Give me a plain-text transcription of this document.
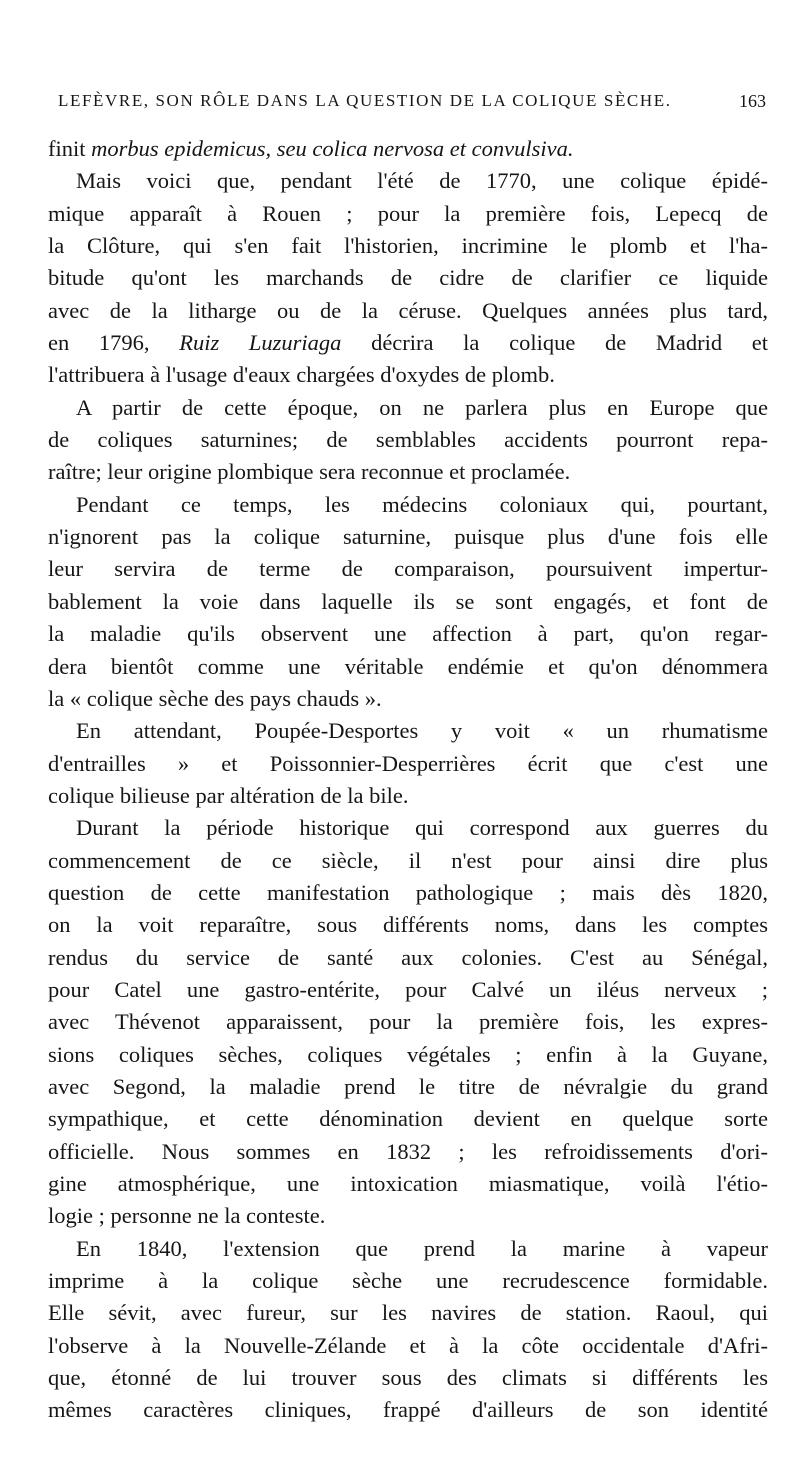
LEFÈVRE, SON RÔLE DANS LA QUESTION DE LA COLIQUE SÈCHE.	163
finit morbus epidemicus, seu colica nervosa et convulsiva.
Mais voici que, pendant l'été de 1770, une colique épidé-
mique apparaît à Rouen ; pour la première fois, Lepecq de
la Clôture, qui s'en fait l'historien, incrimine le plomb et l'ha-
bitude qu'ont les marchands de cidre de clarifier ce liquide
avec de la litharge ou de la céruse. Quelques années plus tard,
en 1796, Ruiz Luzuriaga décrira la colique de Madrid et
l'attribuera à l'usage d'eaux chargées d'oxydes de plomb.
A partir de cette époque, on ne parlera plus en Europe que
de coliques saturnines; de semblables accidents pourront repa-
raître; leur origine plombique sera reconnue et proclamée.
Pendant ce temps, les médecins coloniaux qui, pourtant,
n'ignorent pas la colique saturnine, puisque plus d'une fois elle
leur servira de terme de comparaison, poursuivent impertur-
bablement la voie dans laquelle ils se sont engagés, et font de
la maladie qu'ils observent une affection à part, qu'on regar-
dera bientôt comme une véritable endémie et qu'on dénommera
la « colique sèche des pays chauds ».
En attendant, Poupée-Desportes y voit « un rhumatisme
d'entrailles » et Poissonnier-Desperrières écrit que c'est une
colique bilieuse par altération de la bile.
Durant la période historique qui correspond aux guerres du
commencement de ce siècle, il n'est pour ainsi dire plus
question de cette manifestation pathologique ; mais dès 1820,
on la voit reparaître, sous différents noms, dans les comptes
rendus du service de santé aux colonies. C'est au Sénégal,
pour Catel une gastro-entérite, pour Calvé un iléus nerveux ;
avec Thévenot apparaissent, pour la première fois, les expres-
sions coliques sèches, coliques végétales ; enfin à la Guyane,
avec Segond, la maladie prend le titre de névralgie du grand
sympathique, et cette dénomination devient en quelque sorte
officielle. Nous sommes en 1832 ; les refroidissements d'ori-
gine atmosphérique, une intoxication miasmatique, voilà l'étio-
logie ; personne ne la conteste.
En 1840, l'extension que prend la marine à vapeur
imprime à la colique sèche une recrudescence formidable.
Elle sévit, avec fureur, sur les navires de station. Raoul, qui
l'observe à la Nouvelle-Zélande et à la côte occidentale d'Afri-
que, étonné de lui trouver sous des climats si différents les
mêmes caractères cliniques, frappé d'ailleurs de son identité
